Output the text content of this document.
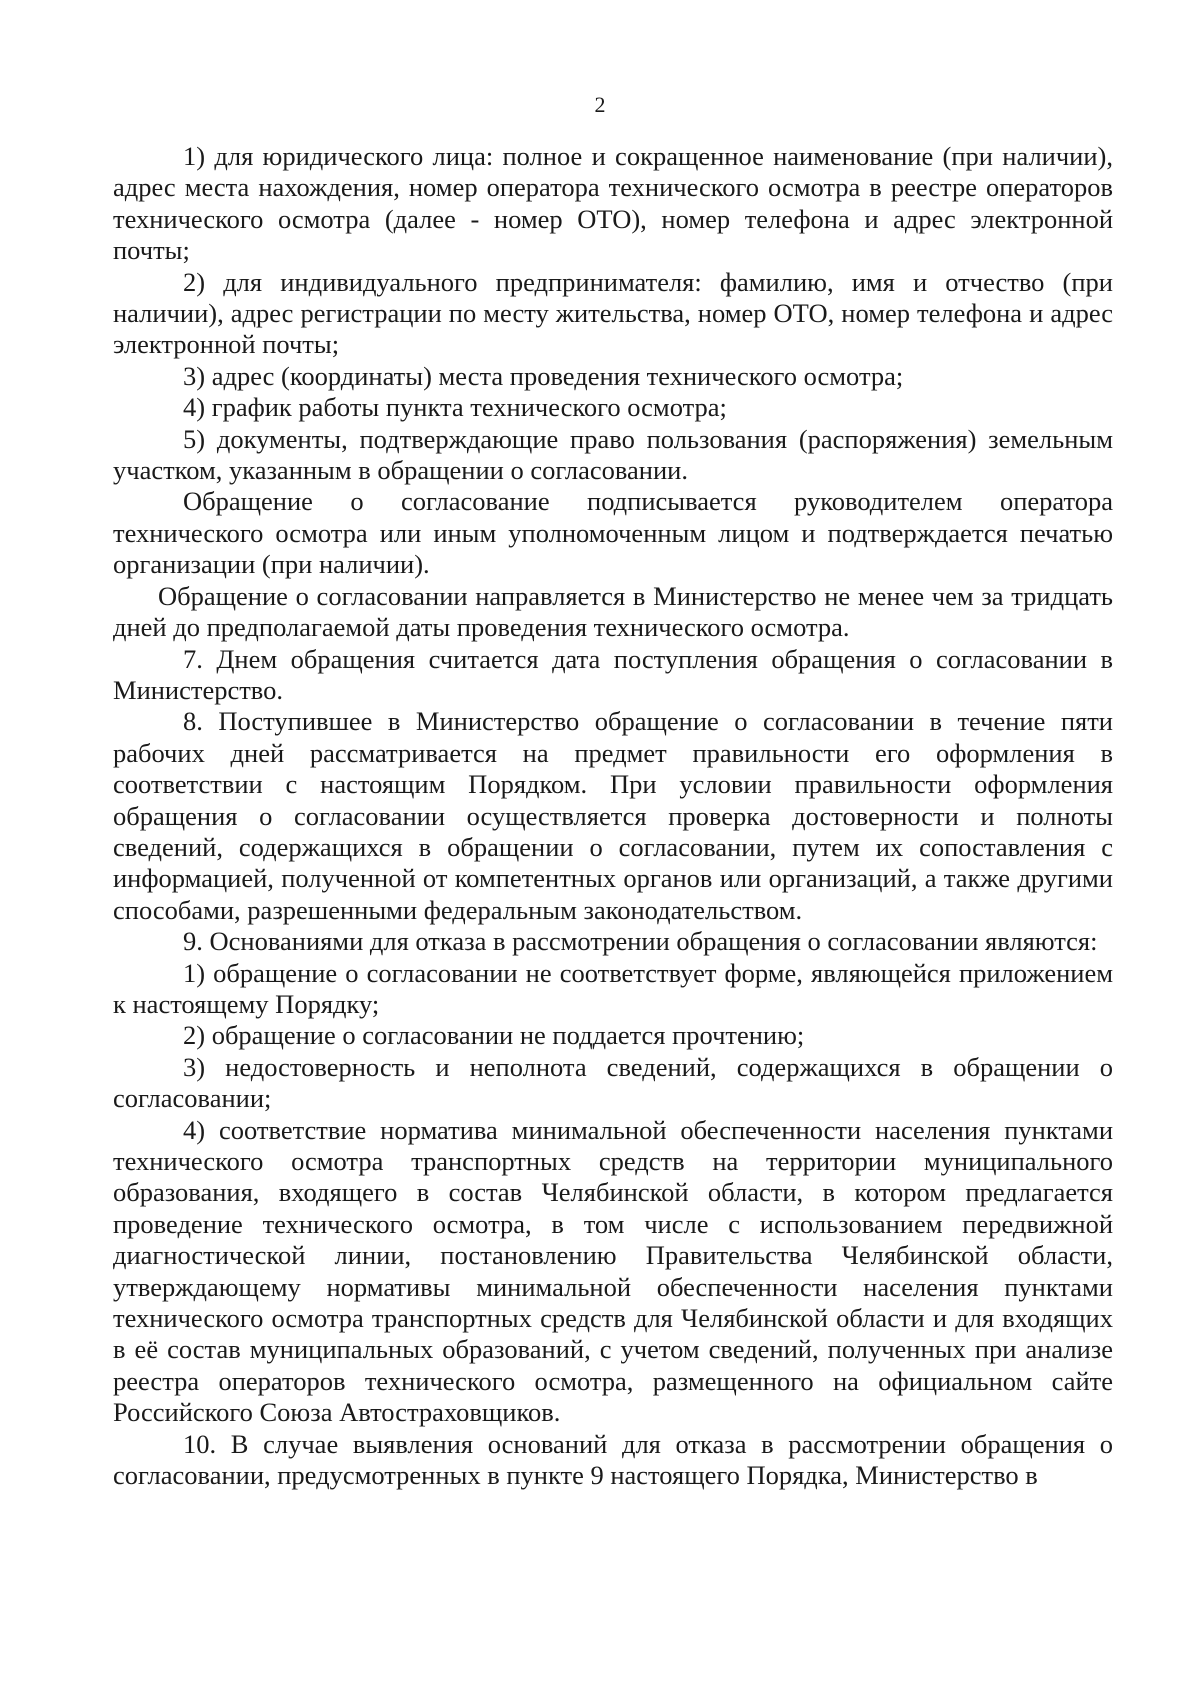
2

1) для юридического лица: полное и сокращенное наименование (при наличии), адрес места нахождения, номер оператора технического осмотра в реестре операторов технического осмотра (далее - номер ОТО), номер телефона и адрес электронной почты;

2) для индивидуального предпринимателя: фамилию, имя и отчество (при наличии), адрес регистрации по месту жительства, номер ОТО, номер телефона и адрес электронной почты;

3) адрес (координаты) места проведения технического осмотра;

4) график работы пункта технического осмотра;

5) документы, подтверждающие право пользования (распоряжения) земельным участком, указанным в обращении о согласовании.

Обращение о согласование подписывается руководителем оператора технического осмотра или иным уполномоченным лицом и подтверждается печатью организации (при наличии).

Обращение о согласовании направляется в Министерство не менее чем за тридцать дней до предполагаемой даты проведения технического осмотра.

7. Днем обращения считается дата поступления обращения о согласовании в Министерство.

8. Поступившее в Министерство обращение о согласовании в течение пяти рабочих дней рассматривается на предмет правильности его оформления в соответствии с настоящим Порядком. При условии правильности оформления обращения о согласовании осуществляется проверка достоверности и полноты сведений, содержащихся в обращении о согласовании, путем их сопоставления с информацией, полученной от компетентных органов или организаций, а также другими способами, разрешенными федеральным законодательством.

9. Основаниями для отказа в рассмотрении обращения о согласовании являются:

1) обращение о согласовании не соответствует форме, являющейся приложением к настоящему Порядку;

2) обращение о согласовании не поддается прочтению;

3) недостоверность и неполнота сведений, содержащихся в обращении о согласовании;

4) соответствие норматива минимальной обеспеченности населения пунктами технического осмотра транспортных средств на территории муниципального образования, входящего в состав Челябинской области, в котором предлагается проведение технического осмотра, в том числе с использованием передвижной диагностической линии, постановлению Правительства Челябинской области, утверждающему нормативы минимальной обеспеченности населения пунктами технического осмотра транспортных средств для Челябинской области и для входящих в её состав муниципальных образований, с учетом сведений, полученных при анализе реестра операторов технического осмотра, размещенного на официальном сайте Российского Союза Автостраховщиков.

10. В случае выявления оснований для отказа в рассмотрении обращения о согласовании, предусмотренных в пункте 9 настоящего Порядка, Министерство в
